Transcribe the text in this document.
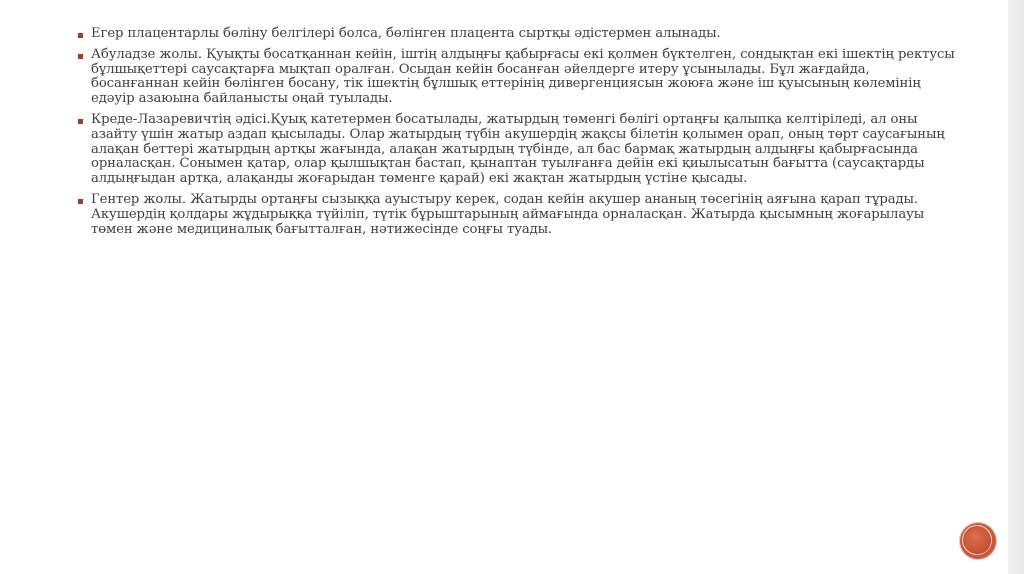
Егер плацентарлы бөліну белгілері болса, бөлінген плацента сыртқы әдістермен алынады.
Абуладзе жолы. Қуықты босатқаннан кейін, іштің алдыңғы қабырғасы екі қолмен бүктелген, сондықтан екі ішектің ректусы бұлшықеттері саусақтарға мықтап оралған. Осыдан кейін босанған әйелдерге итеру ұсынылады. Бұл жағдайда, босанғаннан кейін бөлінген босану, тік ішектің бұлшық еттерінің дивергенциясын жоюға және іш қуысының көлемінің едәуір азаюына байланысты оңай туылады.
Креде-Лазаревичтің әдісі.Қуық катетермен босатылады, жатырдың төменгі бөлігі ортаңғы қалыпқа келтіріледі, ал оны азайту үшін жатыр аздап қысылады. Олар жатырдың түбін акушердің жақсы білетін қолымен орап, оның төрт саусағының алақан беттері жатырдың артқы жағында, алақан жатырдың түбінде, ал бас бармақ жатырдың алдыңғы қабырғасында орналасқан. Сонымен қатар, олар қылшықтан бастап, қынаптан туылғанға дейін екі қиылысатын бағытта (саусақтарды алдыңғыдан артқа, алақанды жоғарыдан төменге қарай) екі жақтан жатырдың үстіне қысады.
Гентер жолы. Жатырды ортаңғы сызыққа ауыстыру керек, содан кейін акушер ананың төсегінің аяғына қарап тұрады. Акушердің қолдары жұдырыққа түйіліп, түтік бұрыштарының аймағында орналасқан. Жатырда қысымның жоғарылауы төмен және медициналық бағытталған, нәтижесінде соңғы туады.
